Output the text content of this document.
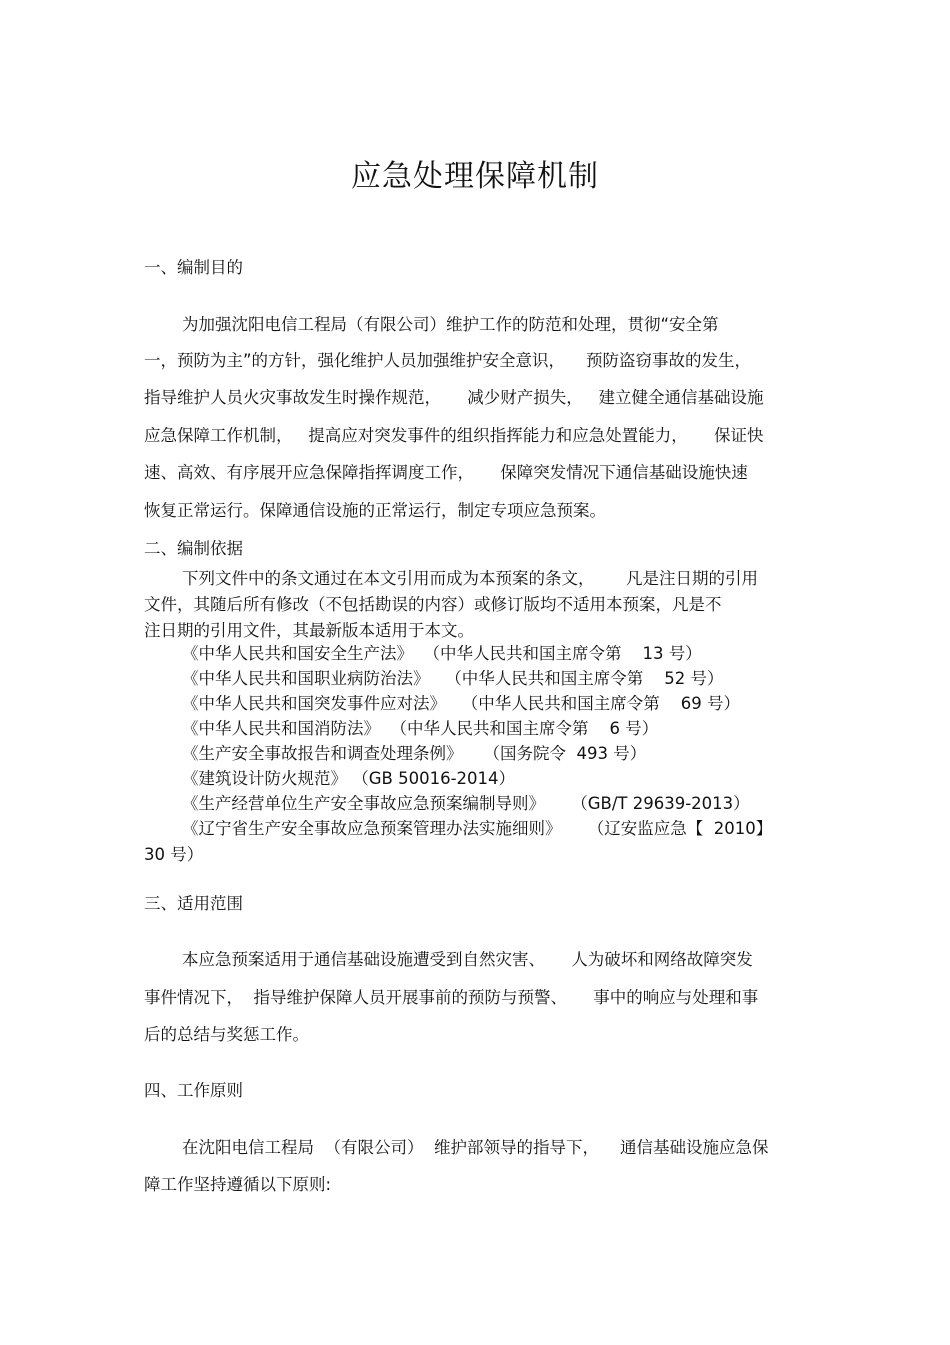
应急处理保障机制
一、编制目的
为加强沈阳电信工程局（有限公司）维护工作的防范和处理，贯彻“安全第
一，预防为主”的方针，强化维护人员加强维护安全意识，    预防盗窃事故的发生，
指导维护人员火灾事故发生时操作规范，     减少财产损失，   建立健全通信基础设施
应急保障工作机制，   提高应对突发事件的组织指挥能力和应急处置能力，     保证快
速、高效、有序展开应急保障指挥调度工作，     保障突发情况下通信基础设施快速
恢复正常运行。保障通信设施的正常运行，制定专项应急预案。
二、编制依据
下列文件中的条文通过在本文引用而成为本预案的条文，      凡是注日期的引用
文件，其随后所有修改（不包括勘误的内容）或修订版均不适用本预案，凡是不
注日期的引用文件，其最新版本适用于本文。
《中华人民共和国安全生产法》  （中华人民共和国主席令第    13 号）
《中华人民共和国职业病防治法》   （中华人民共和国主席令第    52 号）
《中华人民共和国突发事件应对法》   （中华人民共和国主席令第    69 号）
《中华人民共和国消防法》  （中华人民共和国主席令第    6 号）
《生产安全事故报告和调查处理条例》    （国务院令  493 号）
《建筑设计防火规范》 （GB 50016-2014）
《生产经营单位生产安全事故应急预案编制导则》     （GB/T 29639-2013）
《辽宁省生产安全事故应急预案管理办法实施细则》     （辽安监应急【  2010】
30 号）
三、适用范围
本应急预案适用于通信基础设施遭受到自然灾害、     人为破坏和网络故障突发
事件情况下，  指导维护保障人员开展事前的预防与预警、     事中的响应与处理和事
后的总结与奖惩工作。
四、工作原则
在沈阳电信工程局  （有限公司）  维护部领导的指导下，    通信基础设施应急保
障工作坚持遵循以下原则:
